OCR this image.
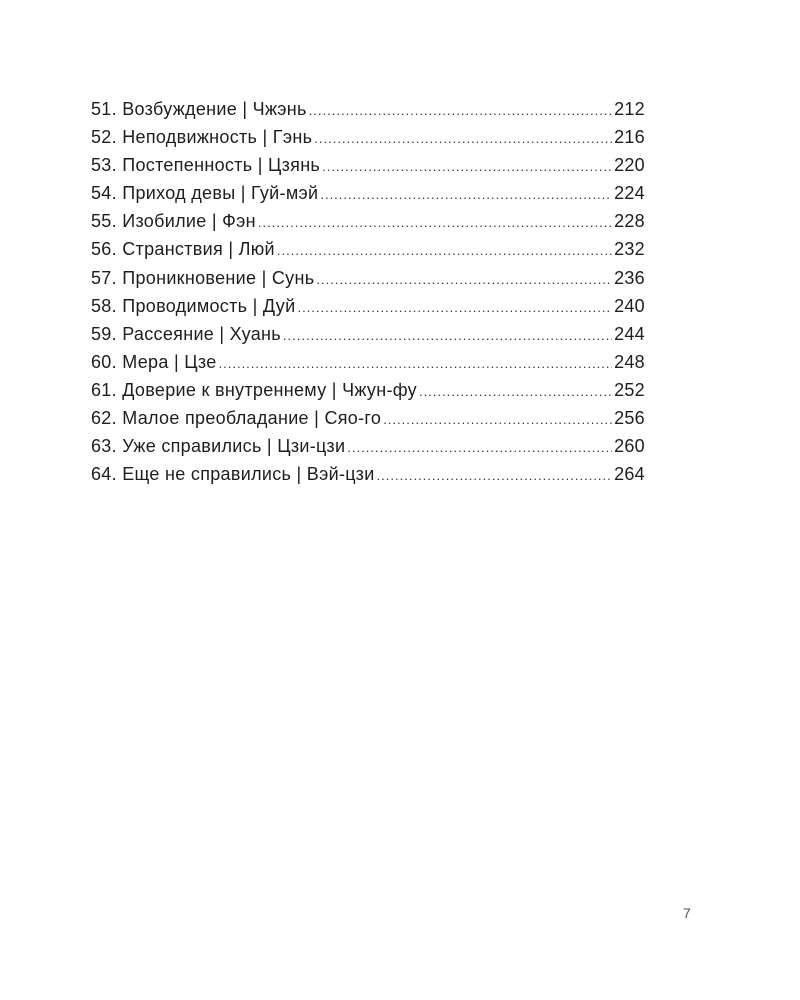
51. Возбуждение | Чжэнь .....	212
52. Неподвижность | Гэнь .....	216
53. Постепенность | Цзянь .....	220
54. Приход девы | Гуй-мэй .....	224
55. Изобилие | Фэн .....	228
56. Странствия | Люй .....	232
57. Проникновение | Сунь .....	236
58. Проводимость | Дуй .....	240
59. Рассеяние | Хуань .....	244
60. Мера | Цзе .....	248
61. Доверие к внутреннему | Чжун-фу .....	252
62. Малое преобладание | Сяо-го .....	256
63. Уже справились | Цзи-цзи .....	260
64. Еще не справились | Вэй-цзи .....	264
7
